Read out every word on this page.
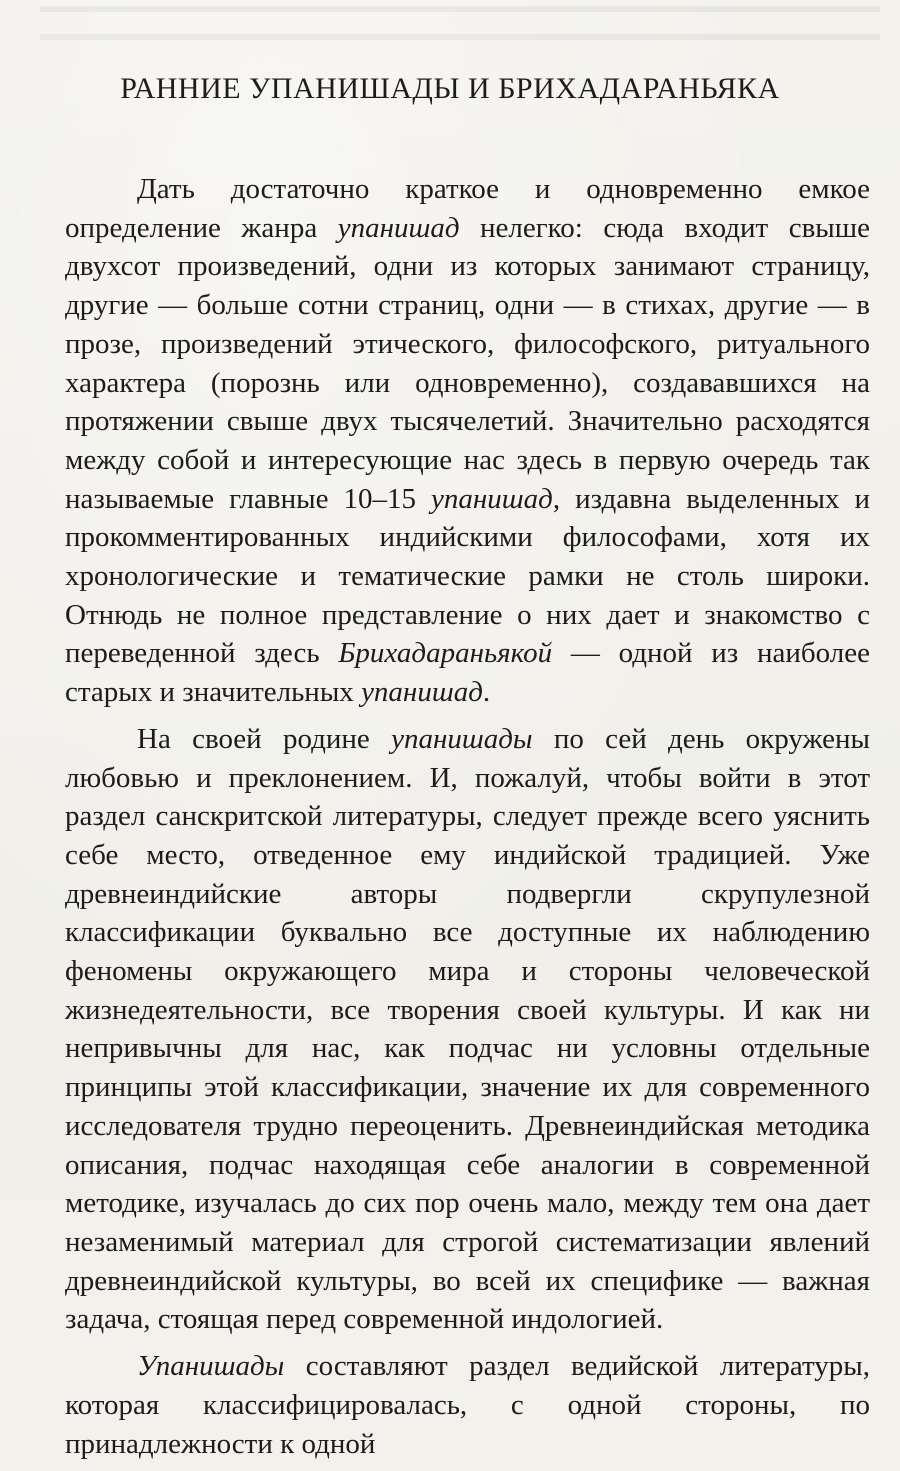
РАННИЕ УПАНИШАДЫ И БРИХАДАРАНЬЯКА

Дать достаточно краткое и одновременно емкое определение жанра упанишад нелегко: сюда входит свыше двухсот произведений, одни из которых занимают страницу, другие — больше сотни страниц, одни — в стихах, другие — в прозе, произведений этического, философского, ритуального характера (порознь или одновременно), создававшихся на протяжении свыше двух тысячелетий. Значительно расходятся между собой и интересующие нас здесь в первую очередь так называемые главные 10–15 упанишад, издавна выделенных и прокомментированных индийскими философами, хотя их хронологические и тематические рамки не столь широки. Отнюдь не полное представление о них дает и знакомство с переведенной здесь Брихадараньякой — одной из наиболее старых и значительных упанишад.

На своей родине упанишады по сей день окружены любовью и преклонением. И, пожалуй, чтобы войти в этот раздел санскритской литературы, следует прежде всего уяснить себе место, отведенное ему индийской традицией. Уже древнеиндийские авторы подвергли скрупулезной классификации буквально все доступные их наблюдению феномены окружающего мира и стороны человеческой жизнедеятельности, все творения своей культуры. И как ни непривычны для нас, как подчас ни условны отдельные принципы этой классификации, значение их для современного исследователя трудно переоценить. Древнеиндийская методика описания, подчас находящая себе аналогии в современной методике, изучалась до сих пор очень мало, между тем она дает незаменимый материал для строгой систематизации явлений древнеиндийской культуры, во всей их специфике — важная задача, стоящая перед современной индологией.

Упанишады составляют раздел ведийской литературы, которая классифицировалась, с одной стороны, по принадлежности к одной
